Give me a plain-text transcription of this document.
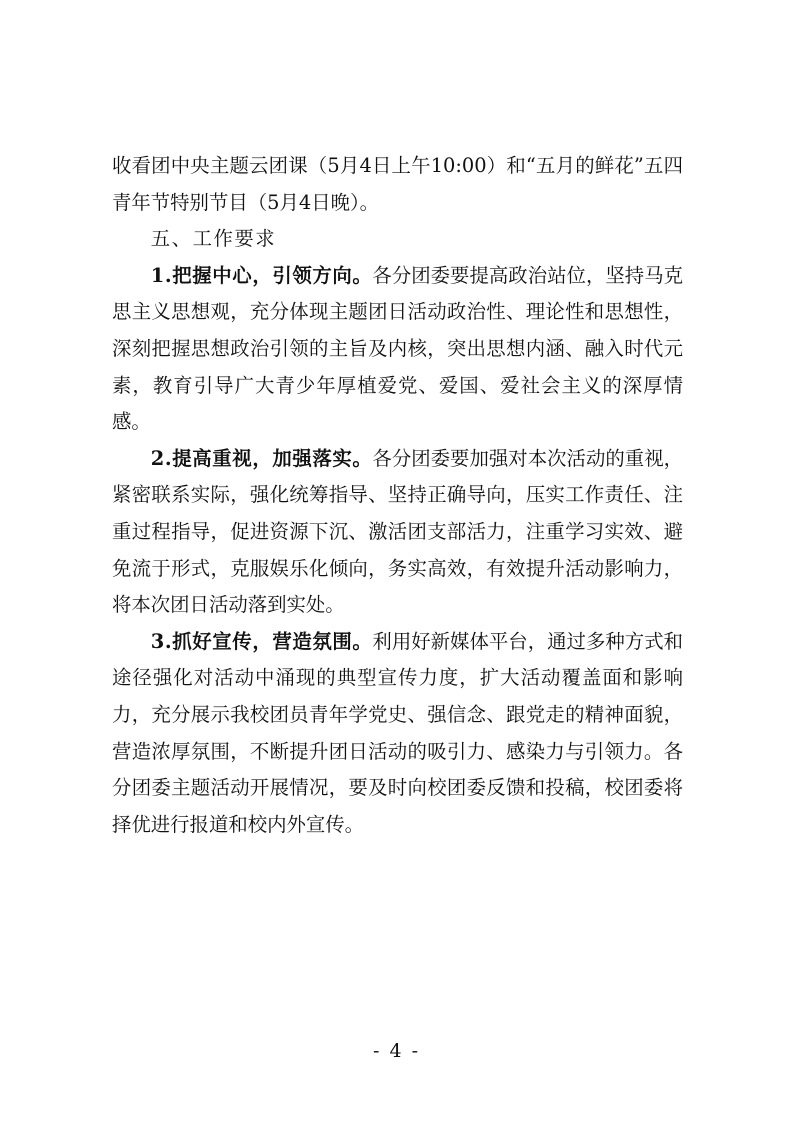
收看团中央主题云团课（5月4日上午10:00）和“五月的鲜花”五四青年节特别节目（5月4日晚）。

五、工作要求

1.把握中心，引领方向。各分团委要提高政治站位，坚持马克思主义思想观，充分体现主题团日活动政治性、理论性和思想性，深刻把握思想政治引领的主旨及内核，突出思想内涵、融入时代元素，教育引导广大青少年厚植爱党、爱国、爱社会主义的深厚情感。

2.提高重视，加强落实。各分团委要加强对本次活动的重视，紧密联系实际，强化统筹指导、坚持正确导向，压实工作责任、注重过程指导，促进资源下沉、激活团支部活力，注重学习实效、避免流于形式，克服娱乐化倾向，务实高效，有效提升活动影响力，将本次团日活动落到实处。

3.抓好宣传，营造氛围。利用好新媒体平台，通过多种方式和途径强化对活动中涌现的典型宣传力度，扩大活动覆盖面和影响力，充分展示我校团员青年学党史、强信念、跟党走的精神面貌，营造浓厚氛围，不断提升团日活动的吸引力、感染力与引领力。各分团委主题活动开展情况，要及时向校团委反馈和投稿，校团委将择优进行报道和校内外宣传。

- 4 -
